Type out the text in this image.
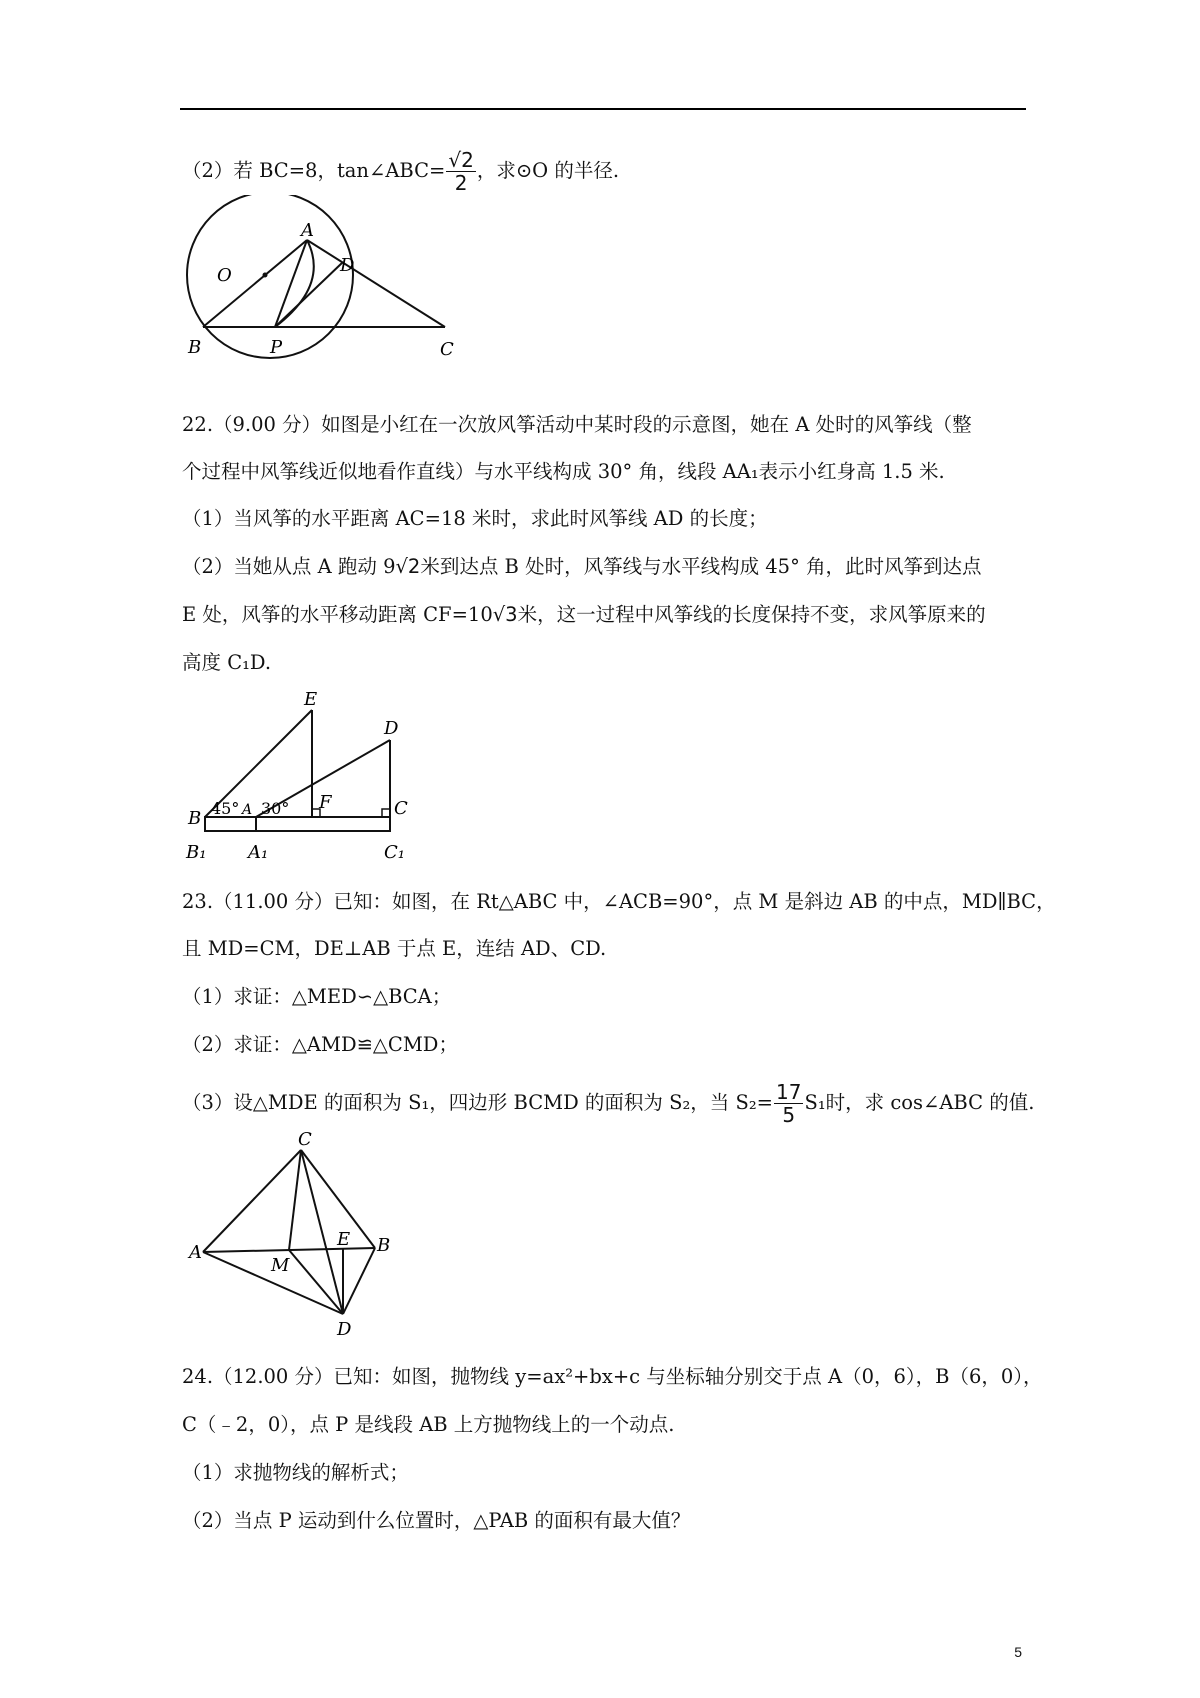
（2）若 BC=8，tan∠ABC= $\frac{√2}{2}$ ，求⊙O 的半径.
A
O	D
B	P	C
22.（9.00 分）如图是小红在一次放风筝活动中某时段的示意图，她在 A 处时的风筝线（整
个过程中风筝线近似地看作直线）与水平线构成 30° 角，线段 AA₁表示小红身高 1.5 米.
（1）当风筝的水平距离 AC=18 米时，求此时风筝线 AD 的长度；
（2）当她从点 A 跑动 9√2米到达点 B 处时，风筝线与水平线构成 45° 角，此时风筝到达点
E 处，风筝的水平移动距离 CF=10√3米，这一过程中风筝线的长度保持不变，求风筝原来的
高度 C₁D.
E
D
B 45° A 30° F	C
B₁ A₁	C₁
23.（11.00 分）已知：如图，在 Rt△ABC 中，∠ACB=90°，点 M 是斜边 AB 的中点，MD∥BC，
且 MD=CM，DE⊥AB 于点 E，连结 AD、CD.
（1）求证：△MED∽△BCA；
（2）求证：△AMD≌△CMD；
（3）设△MDE 的面积为 S₁，四边形 BCMD 的面积为 S₂，当 $S_2= \frac{17}{5} S_1$时，求 cos∠ABC 的值.
C
A
M
E B
D
24.（12.00 分）已知：如图，抛物线 y=ax²+bx+c 与坐标轴分别交于点 A（0，6），B（6，0），
C（﹣2，0），点 P 是线段 AB 上方抛物线上的一个动点.
（1）求抛物线的解析式；
（2）当点 P 运动到什么位置时，△PAB 的面积有最大值？
5
